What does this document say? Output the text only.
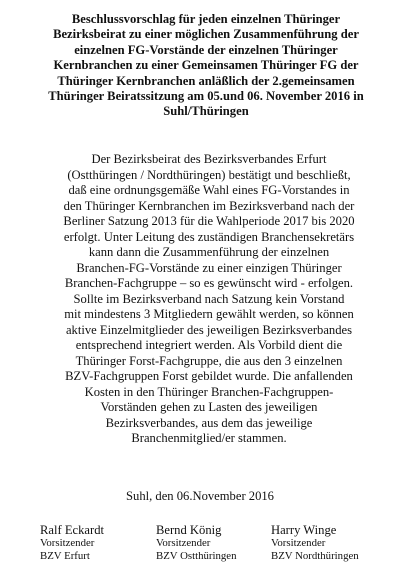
Beschlussvorschlag für jeden einzelnen Thüringer
Bezirksbeirat zu einer möglichen Zusammenführung der
einzelnen FG-Vorstände der einzelnen Thüringer
Kernbranchen zu einer Gemeinsamen Thüringer FG der
Thüringer Kernbranchen anläßlich der 2.gemeinsamen
Thüringer Beiratssitzung am 05.und 06. November 2016 in
Suhl/Thüringen
Der Bezirksbeirat des Bezirksverbandes Erfurt
(Ostthüringen / Nordthüringen) bestätigt und beschließt,
daß eine ordnungsgemäße Wahl eines FG-Vorstandes in
den Thüringer Kernbranchen im Bezirksverband nach der
Berliner Satzung 2013 für die Wahlperiode 2017 bis 2020
erfolgt. Unter Leitung des zuständigen Branchensekretärs
kann dann die Zusammenführung der einzelnen
Branchen-FG-Vorstände zu einer einzigen Thüringer
Branchen-Fachgruppe – so es gewünscht wird - erfolgen.
Sollte im Bezirksverband nach Satzung kein Vorstand
mit mindestens 3 Mitgliedern gewählt werden, so können
aktive Einzelmitglieder des jeweiligen Bezirksverbandes
entsprechend integriert werden. Als Vorbild dient die
Thüringer Forst-Fachgruppe, die aus den 3 einzelnen
BZV-Fachgruppen Forst gebildet wurde. Die anfallenden
Kosten in den Thüringer Branchen-Fachgruppen-
Vorständen gehen zu Lasten des jeweiligen
Bezirksverbandes, aus dem das jeweilige
Branchenmitglied/er stammen.
Suhl, den 06.November 2016
Ralf Eckardt
Vorsitzender
BZV Erfurt
Bernd König
Vorsitzender
BZV Ostthüringen
Harry Winge
Vorsitzender
BZV Nordthüringen
